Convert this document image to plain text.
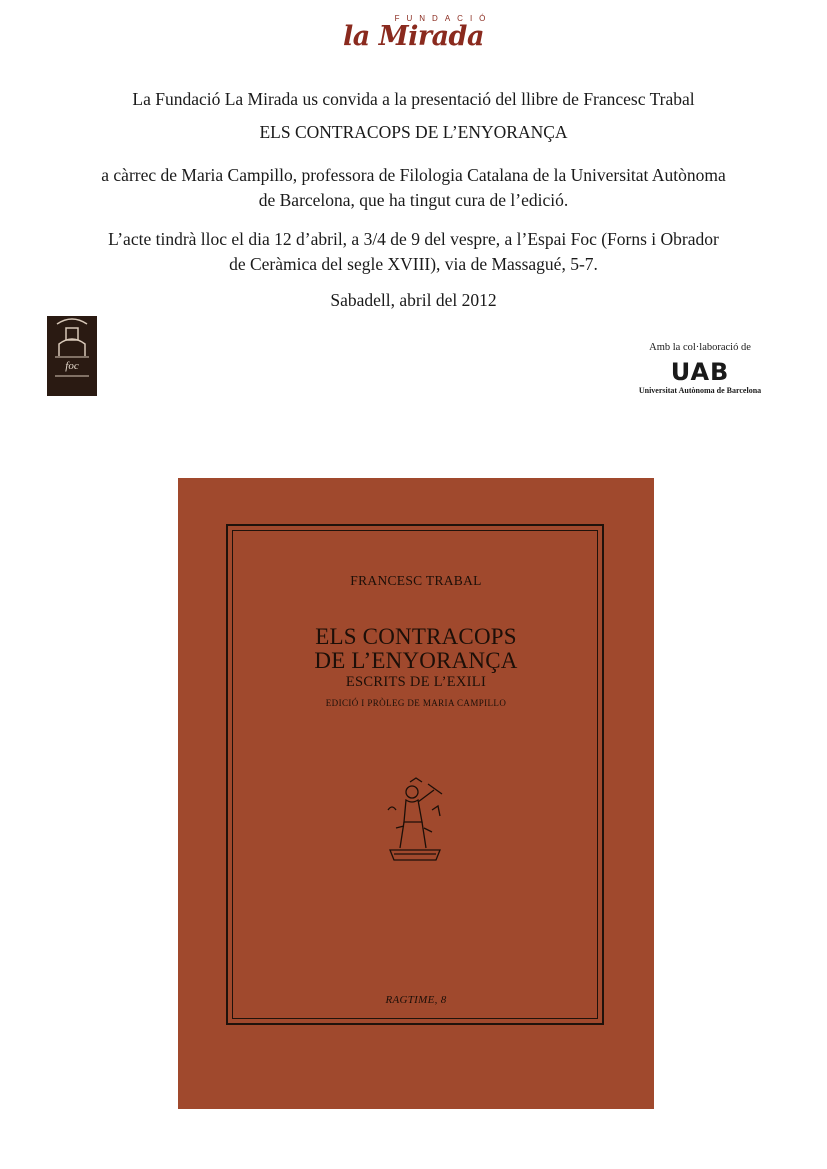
FUNDACIÓ
la Mirada
La Fundació La Mirada us convida a la presentació del llibre de Francesc Trabal
ELS CONTRACOPS DE L’ENYORANÇA
a càrrec de Maria Campillo, professora de Filologia Catalana de la Universitat Autònoma
de Barcelona, que ha tingut cura de l’edició.
L’acte tindrà lloc el dia 12 d’abril, a 3/4 de 9 del vespre, a l’Espai Foc (Forns i Obrador
de Ceràmica del segle XVIII), via de Massagué, 5-7.
Sabadell, abril del 2012
foc
Amb la col·laboració de
UAB
Universitat Autònoma de Barcelona
FRANCESC TRABAL
ELS CONTRACOPS
DE L’ENYORANÇA
ESCRITS DE L’EXILI
EDICIÓ I PRÒLEG DE MARIA CAMPILLO
RAGTIME, 8
